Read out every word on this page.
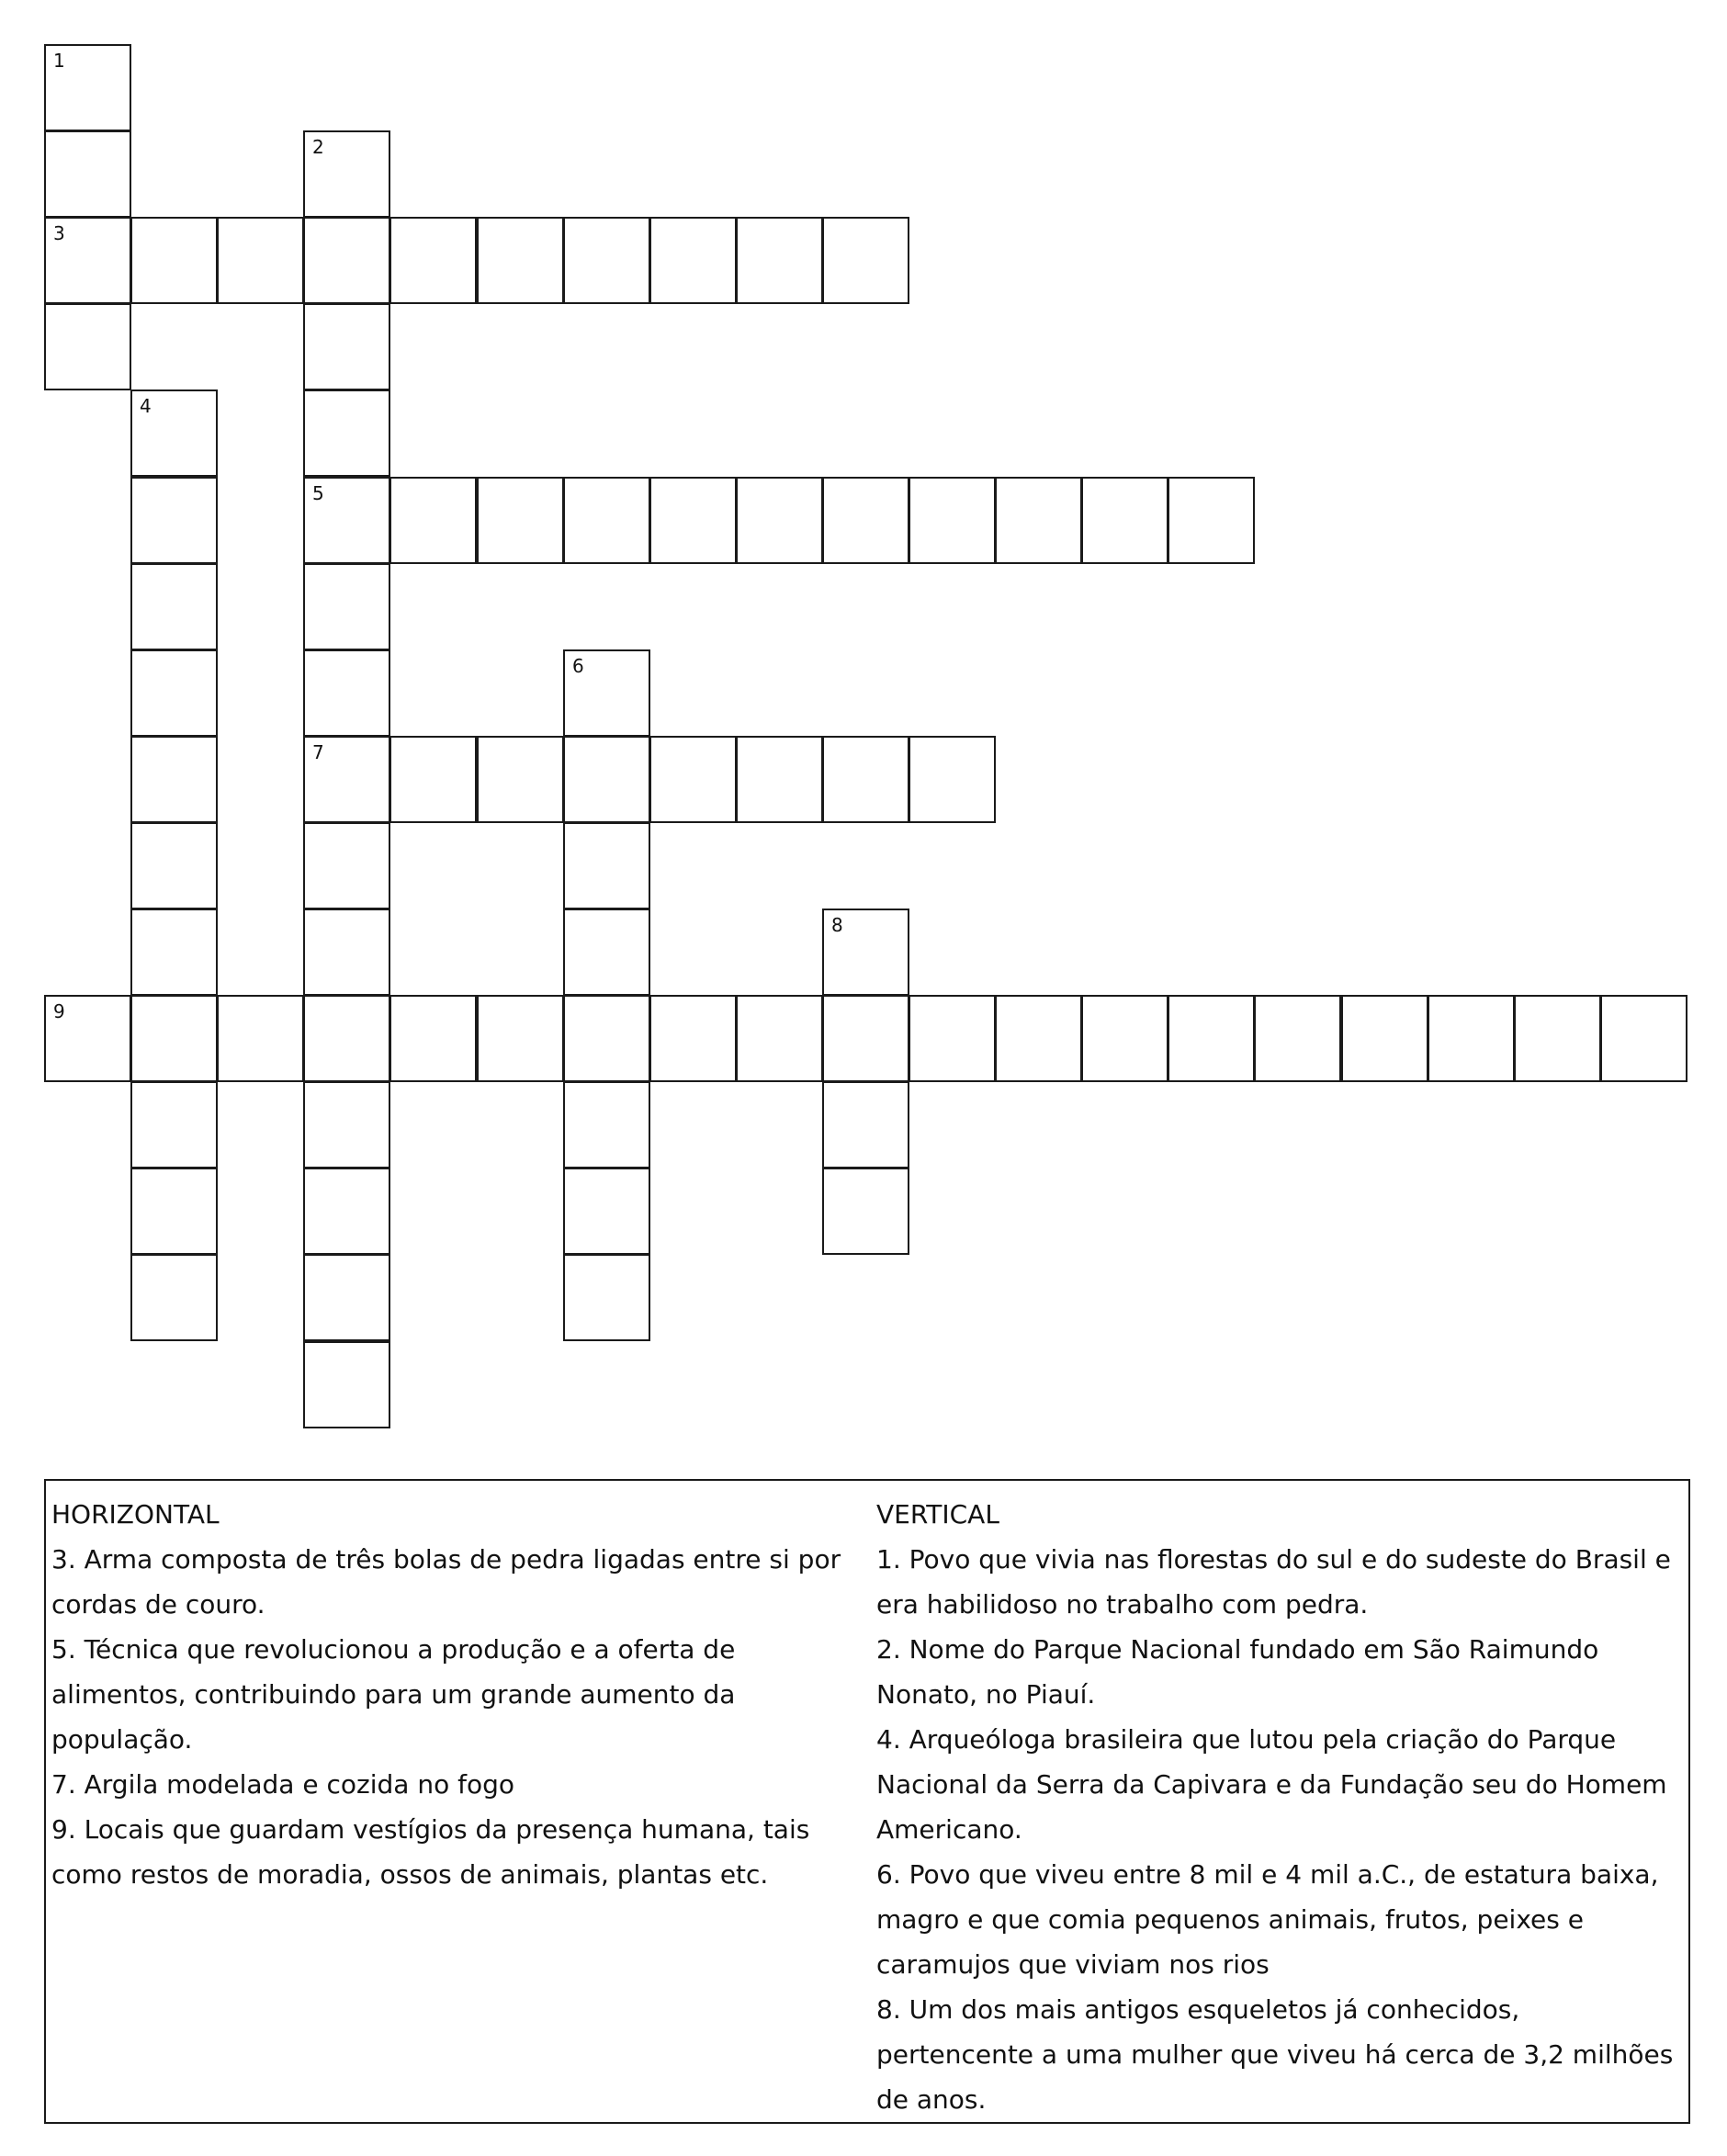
1
3
2
5
7
4
6
8
9

HORIZONTAL

3. Arma composta de três bolas de pedra ligadas entre si por cordas de couro.

5. Técnica que revolucionou a produção e a oferta de alimentos, contribuindo para um grande aumento da população.

7. Argila modelada e cozida no fogo

9. Locais que guardam vestígios da presença humana, tais como restos de moradia, ossos de animais, plantas etc.

VERTICAL

1. Povo que vivia nas florestas do sul e do sudeste do Brasil e era habilidoso no trabalho com pedra.

2. Nome do Parque Nacional fundado em São Raimundo Nonato, no Piauí.

4. Arqueóloga brasileira que lutou pela criação do Parque Nacional da Serra da Capivara e da Fundação seu do Homem Americano.

6. Povo que viveu entre 8 mil e 4 mil a.C., de estatura baixa, magro e que comia pequenos animais, frutos, peixes e caramujos que viviam nos rios

8. Um dos mais antigos esqueletos já conhecidos, pertencente a uma mulher que viveu há cerca de 3,2 milhões de anos.
